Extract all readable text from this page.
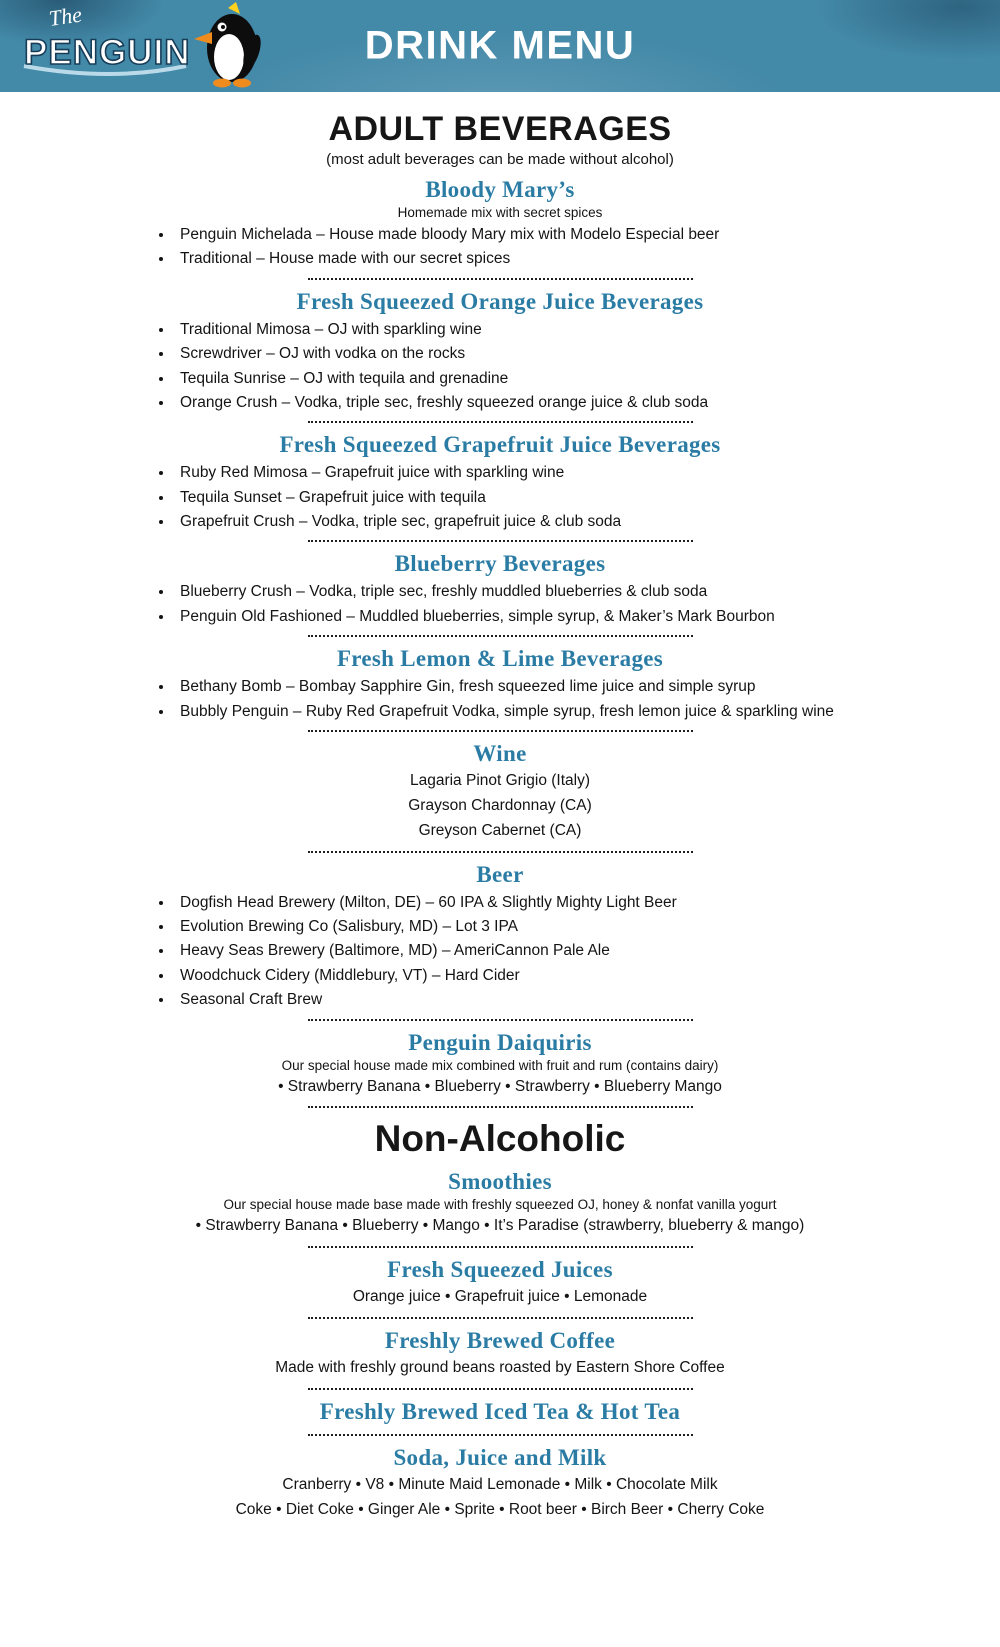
The
PENGUIN	DRINK MENU
ADULT BEVERAGES

(most adult beverages can be made without alcohol)

Bloody Mary’s

Homemade mix with secret spices

• Penguin Michelada – House made bloody Mary mix with Modelo Especial beer
• Traditional – House made with our secret spices
Fresh Squeezed Orange Juice Beverages
• Traditional Mimosa – OJ with sparkling wine
• Screwdriver – OJ with vodka on the rocks
• Tequila Sunrise – OJ with tequila and grenadine
• Orange Crush – Vodka, triple sec, freshly squeezed orange juice & club soda
Fresh Squeezed Grapefruit Juice Beverages
• Ruby Red Mimosa – Grapefruit juice with sparkling wine
• Tequila Sunset – Grapefruit juice with tequila
• Grapefruit Crush – Vodka, triple sec, grapefruit juice & club soda
Blueberry Beverages
• Blueberry Crush – Vodka, triple sec, freshly muddled blueberries & club soda
• Penguin Old Fashioned – Muddled blueberries, simple syrup, & Maker’s Mark Bourbon
Fresh Lemon & Lime Beverages
• Bethany Bomb – Bombay Sapphire Gin, fresh squeezed lime juice and simple syrup
• Bubbly Penguin – Ruby Red Grapefruit Vodka, simple syrup, fresh lemon juice & sparkling wine
Wine

Lagaria Pinot Grigio (Italy)

Grayson Chardonnay (CA)

Greyson Cabernet (CA)

Beer
• Dogfish Head Brewery (Milton, DE) – 60 IPA & Slightly Mighty Light Beer
• Evolution Brewing Co (Salisbury, MD) – Lot 3 IPA
• Heavy Seas Brewery (Baltimore, MD) – AmeriCannon Pale Ale
• Woodchuck Cidery (Middlebury, VT) – Hard Cider
• Seasonal Craft Brew
Penguin Daiquiris

Our special house made mix combined with fruit and rum (contains dairy)

• Strawberry Banana • Blueberry • Strawberry • Blueberry Mango

Non-Alcoholic
Smoothies

Our special house made base made with freshly squeezed OJ, honey & nonfat vanilla yogurt

• Strawberry Banana • Blueberry • Mango • It’s Paradise (strawberry, blueberry & mango)

Fresh Squeezed Juices

Orange juice • Grapefruit juice • Lemonade

Freshly Brewed Coffee

Made with freshly ground beans roasted by Eastern Shore Coffee

Freshly Brewed Iced Tea & Hot Tea
Soda, Juice and Milk

Cranberry • V8 • Minute Maid Lemonade • Milk • Chocolate Milk

Coke • Diet Coke • Ginger Ale • Sprite • Root beer • Birch Beer • Cherry Coke
